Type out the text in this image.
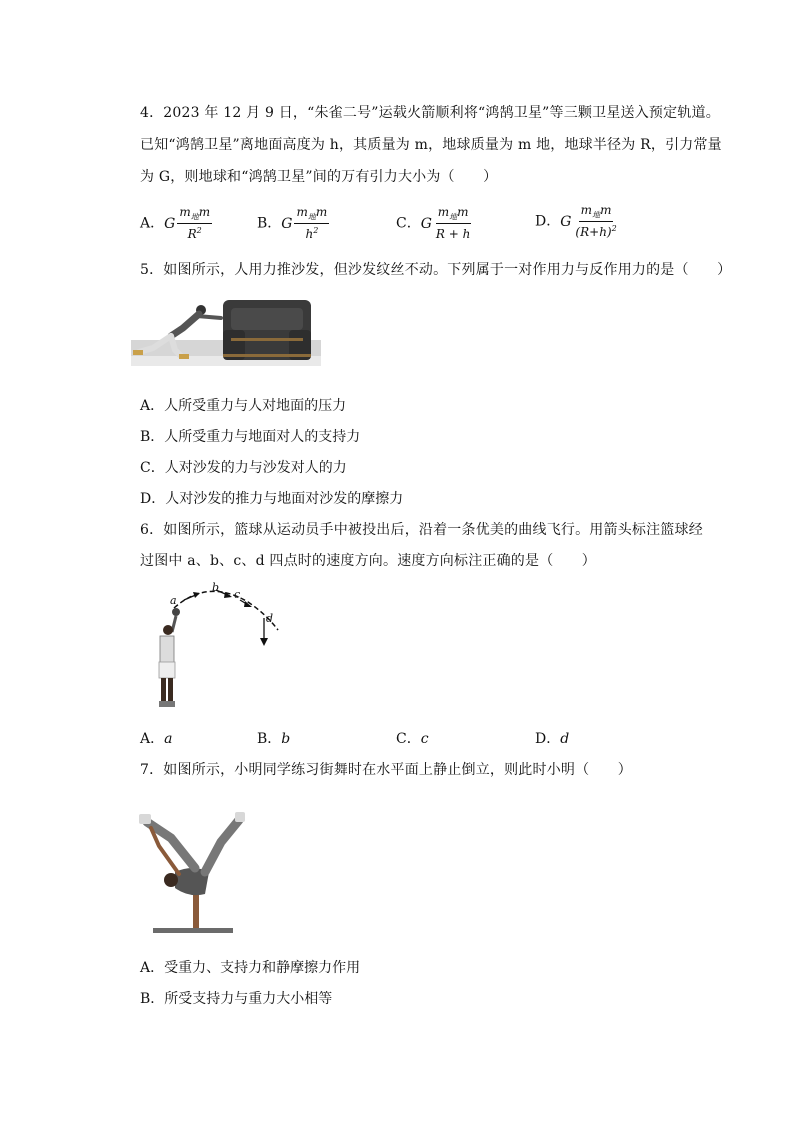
4．2023 年 12 月 9 日，“朱雀二号”运载火箭顺利将“鸿鹄卫星”等三颗卫星送入预定轨道。
已知“鸿鹄卫星”离地面高度为 h，其质量为 m，地球质量为 m 地，地球半径为 R，引力常量
为 G，则地球和“鸿鹄卫星”间的万有引力大小为（　　）
A．G $\frac{m_地m}{R^2}$	B．G $\frac{m_地m}{h^2}$	C．G $\frac{m_地m}{R + h}$	D．G $\frac{m_地m}{(R+h)^2}$
5．如图所示，人用力推沙发，但沙发纹丝不动。下列属于一对作用力与反作用力的是（　　）
A．人所受重力与人对地面的压力
B．人所受重力与地面对人的支持力
C．人对沙发的力与沙发对人的力
D．人对沙发的推力与地面对沙发的摩擦力
6．如图所示，篮球从运动员手中被投出后，沿着一条优美的曲线飞行。用箭头标注篮球经
过图中 a、b、c、d 四点时的速度方向。速度方向标注正确的是（　　）
a
b
c
d
A．a	B．b	C．c	D．d
7．如图所示，小明同学练习街舞时在水平面上静止倒立，则此时小明（　　）
A．受重力、支持力和静摩擦力作用
B．所受支持力与重力大小相等
